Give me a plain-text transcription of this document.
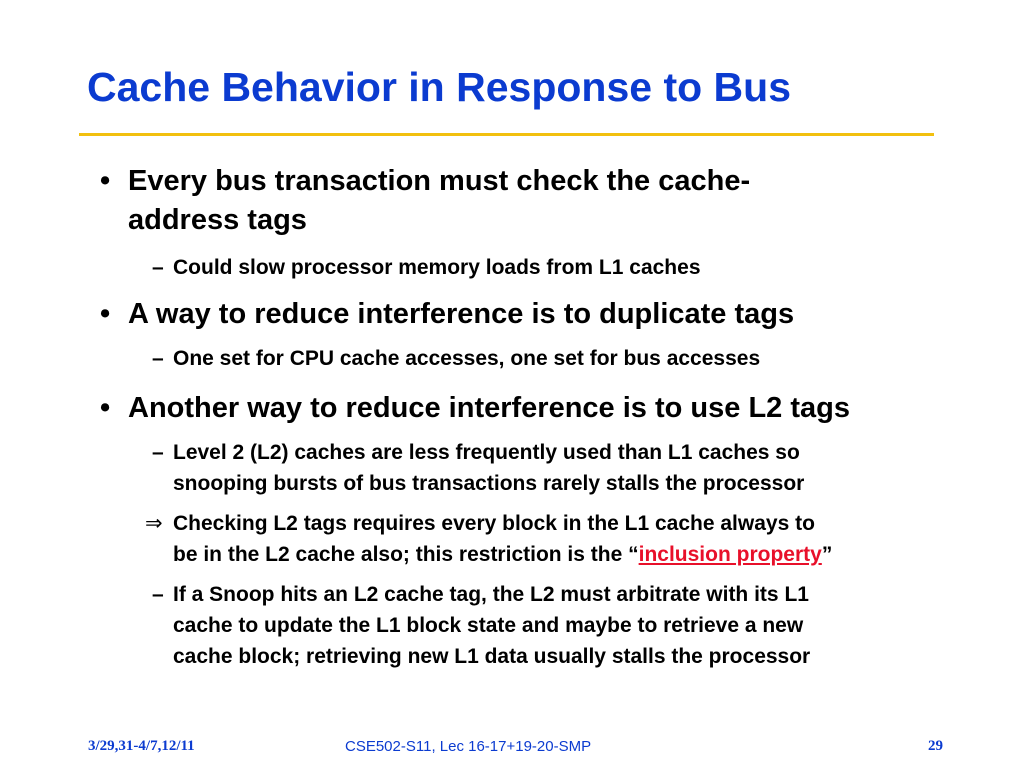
Cache Behavior in Response to Bus
• Every bus transaction must check the cache-
address tags
– Could slow processor memory loads from L1 caches
• A way to reduce interference is to duplicate tags
– One set for CPU cache accesses, one set for bus accesses
• Another way to reduce interference is to use L2 tags
– Level 2 (L2) caches are less frequently used than L1 caches so
snooping bursts of bus transactions rarely stalls the processor
⇒ Checking L2 tags requires every block in the L1 cache always to
be in the L2 cache also; this restriction is the “inclusion property”
– If a Snoop hits an L2 cache tag, the L2 must arbitrate with its L1
cache to update the L1 block state and maybe to retrieve a new
cache block; retrieving new L1 data usually stalls the processor
3/29,31-4/7,12/11	CSE502-S11, Lec 16-17+19-20-SMP	29
